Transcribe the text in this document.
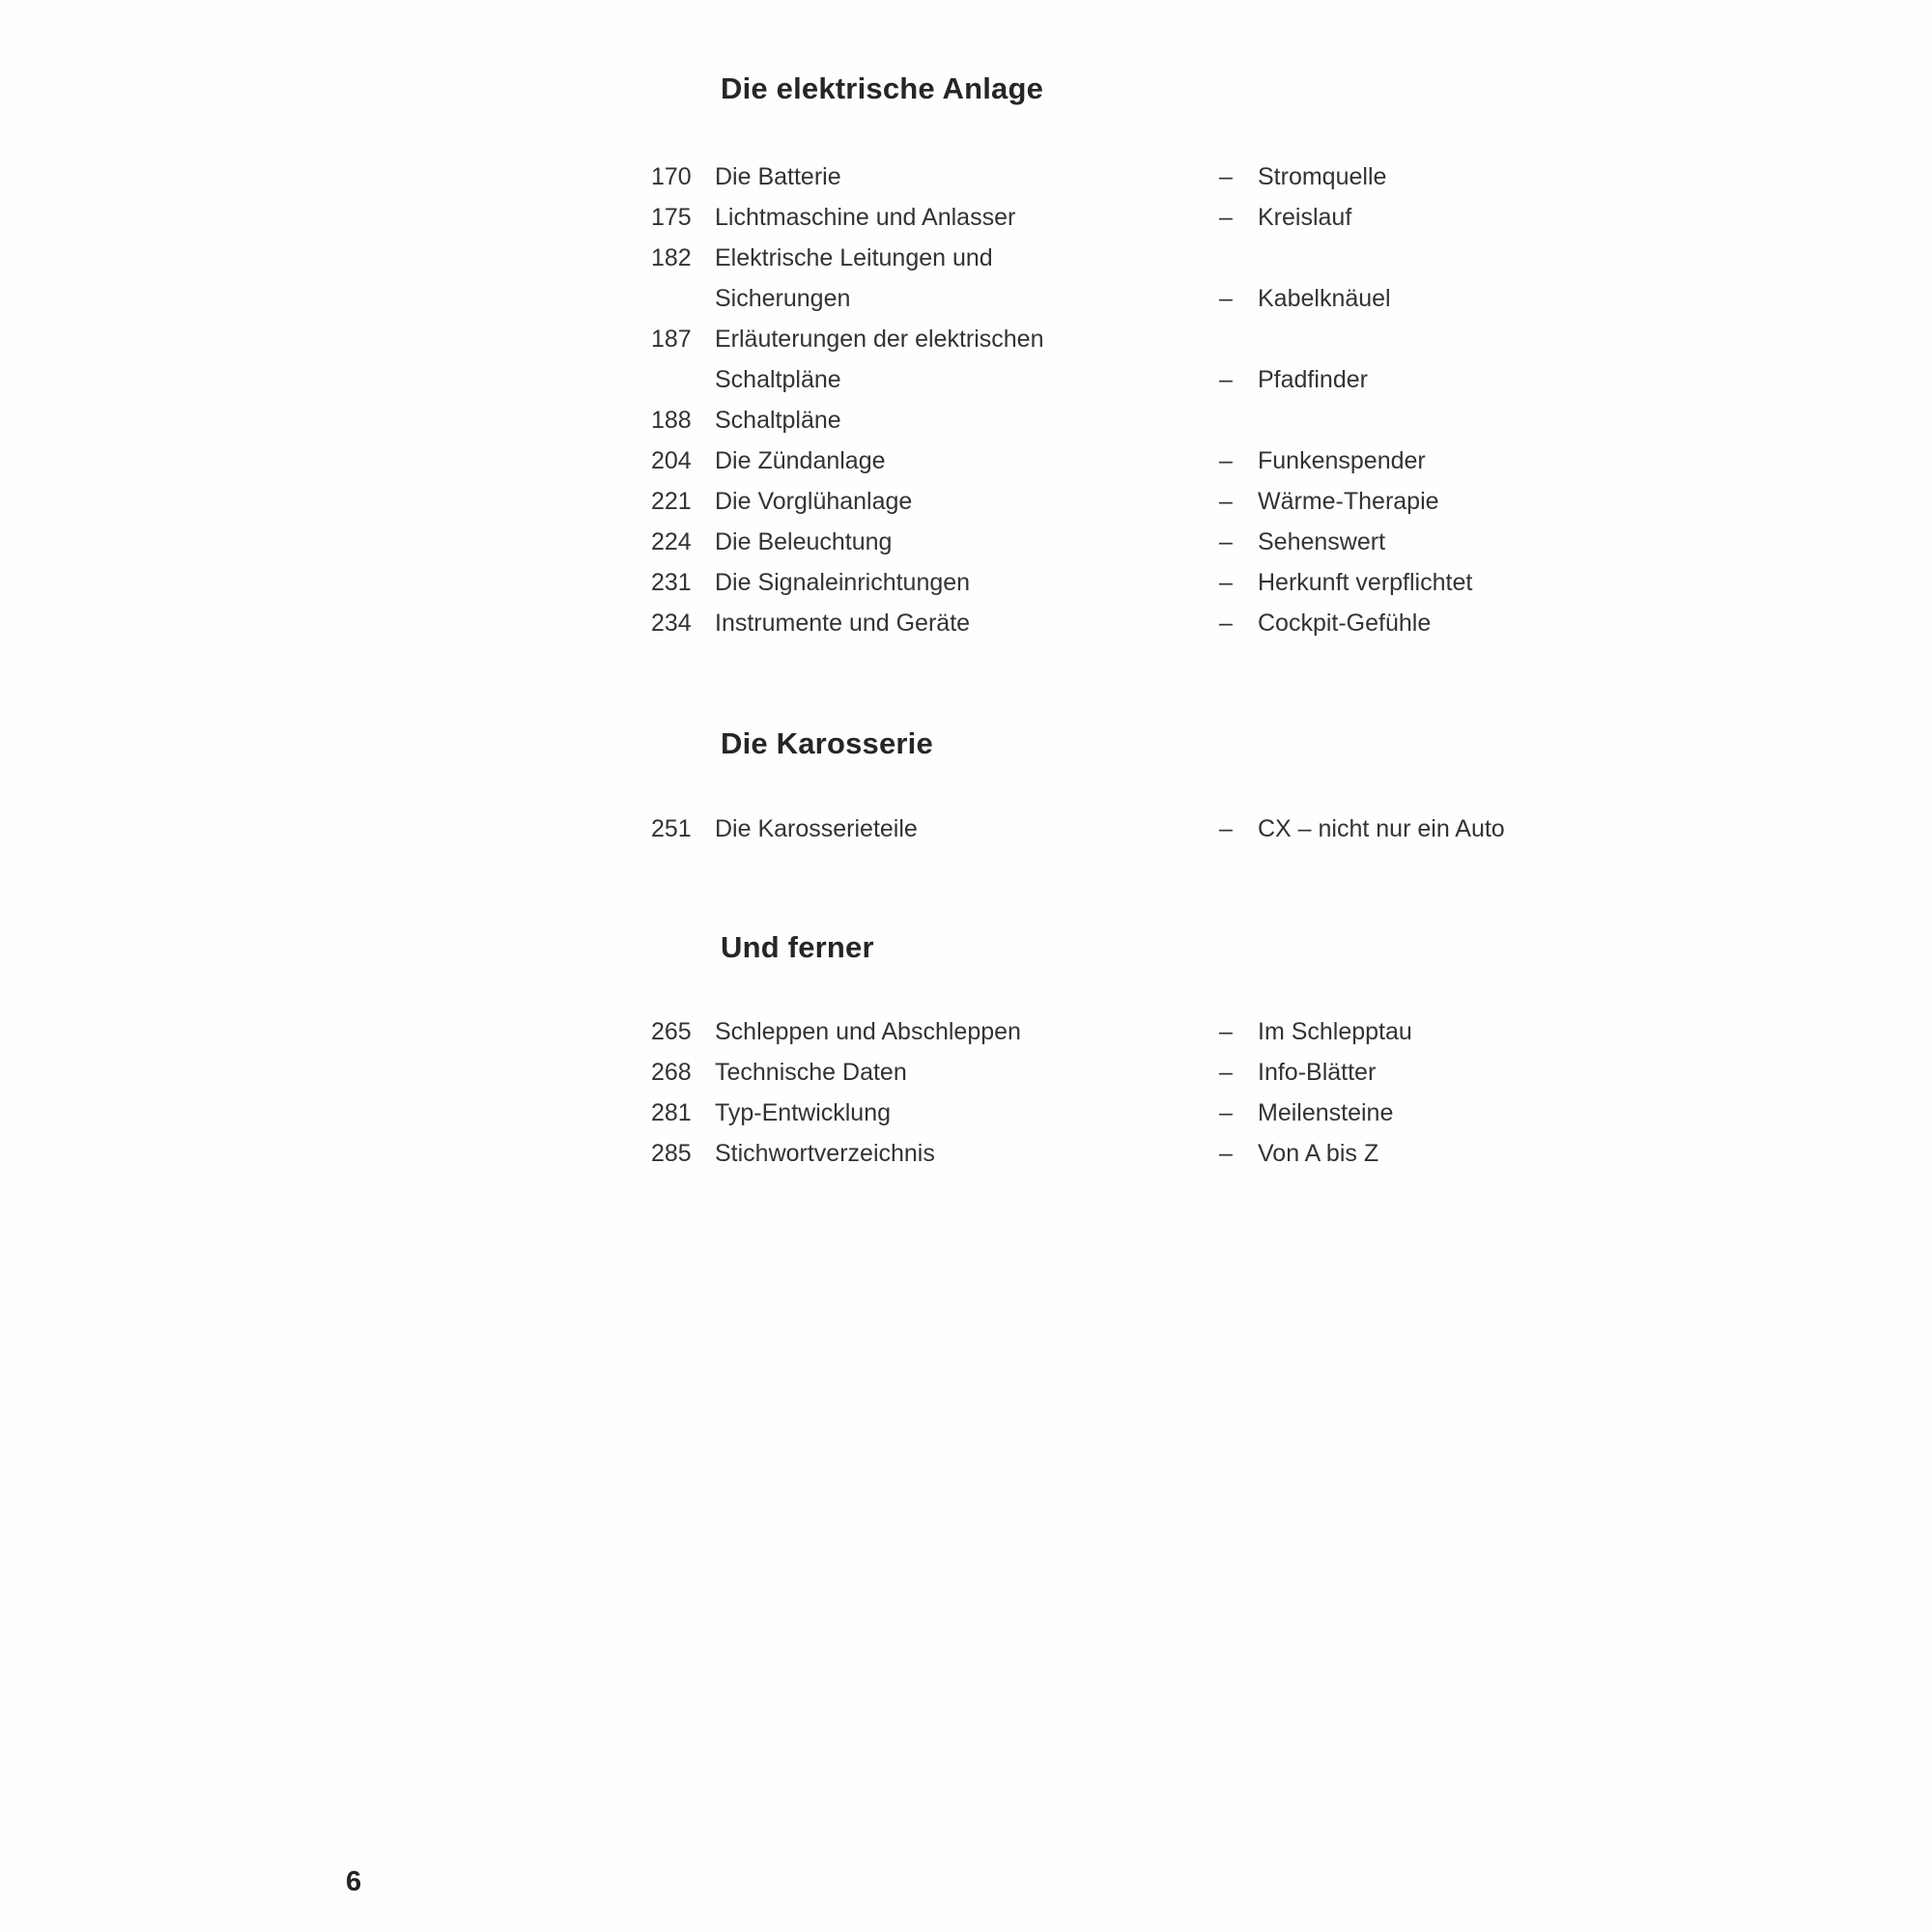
Die elektrische Anlage
170 Die Batterie	– Stromquelle
175 Lichtmaschine und Anlasser	– Kreislauf
182 Elektrische Leitungen und
Sicherungen	– Kabelknäuel
187 Erläuterungen der elektrischen
Schaltpläne	– Pfadfinder
188 Schaltpläne
204 Die Zündanlage	– Funkenspender
221 Die Vorglühanlage	– Wärme-Therapie
224 Die Beleuchtung	– Sehenswert
231 Die Signaleinrichtungen	– Herkunft verpflichtet
234 Instrumente und Geräte	– Cockpit-Gefühle
Die Karosserie
251 Die Karosserieteile	– CX – nicht nur ein Auto
Und ferner
265 Schleppen und Abschleppen	– Im Schlepptau
268 Technische Daten	– Info-Blätter
281 Typ-Entwicklung	– Meilensteine
285 Stichwortverzeichnis	– Von A bis Z
6
